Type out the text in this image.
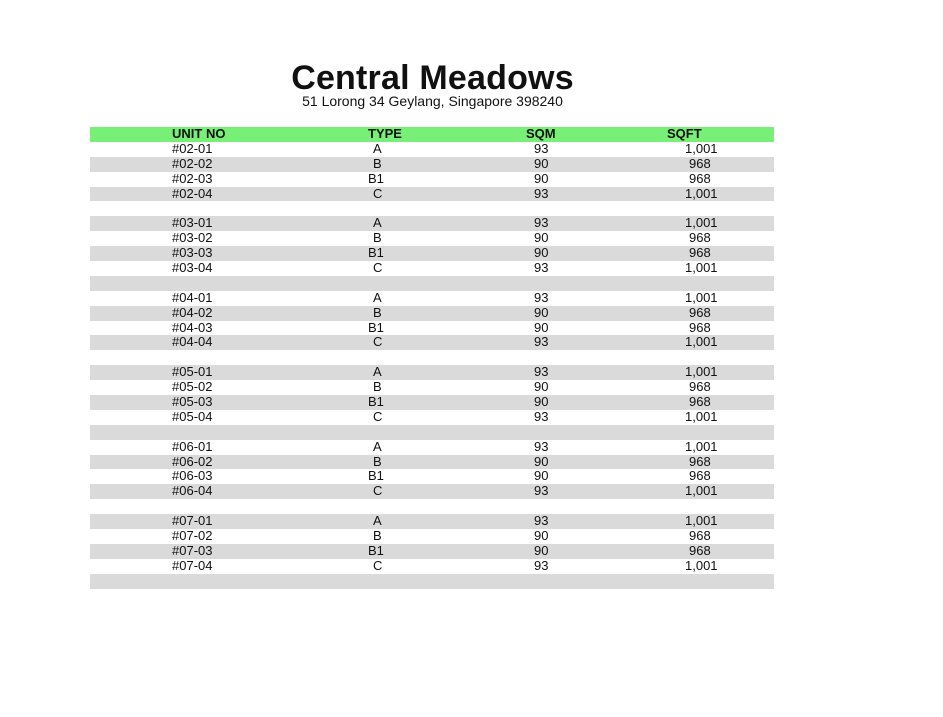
Central Meadows
51 Lorong 34 Geylang, Singapore 398240
UNIT NO	TYPE	SQM	SQFT
#02-01	A	93	1,001
#02-02	B	90	968
#02-03	B1	90	968
#02-04	C	93	1,001
#03-01	A	93	1,001
#03-02	B	90	968
#03-03	B1	90	968
#03-04	C	93	1,001
#04-01	A	93	1,001
#04-02	B	90	968
#04-03	B1	90	968
#04-04	C	93	1,001
#05-01	A	93	1,001
#05-02	B	90	968
#05-03	B1	90	968
#05-04	C	93	1,001
#06-01	A	93	1,001
#06-02	B	90	968
#06-03	B1	90	968
#06-04	C	93	1,001
#07-01	A	93	1,001
#07-02	B	90	968
#07-03	B1	90	968
#07-04	C	93	1,001
